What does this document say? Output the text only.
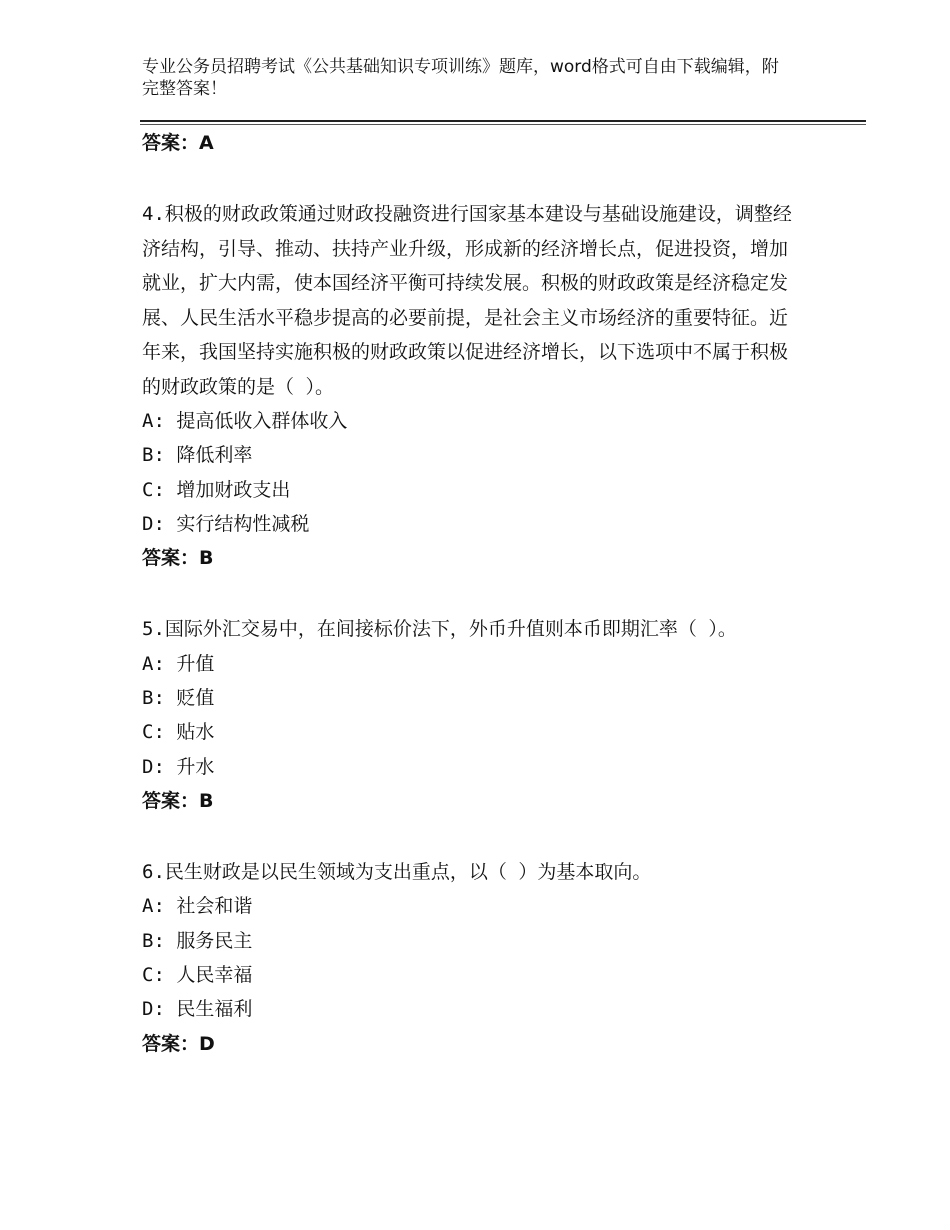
专业公务员招聘考试《公共基础知识专项训练》题库，word格式可自由下载编辑，附完整答案！
答案：A
4.积极的财政政策通过财政投融资进行国家基本建设与基础设施建设，调整经济结构，引导、推动、扶持产业升级，形成新的经济增长点，促进投资，增加就业，扩大内需，使本国经济平衡可持续发展。积极的财政政策是经济稳定发展、人民生活水平稳步提高的必要前提，是社会主义市场经济的重要特征。近年来，我国坚持实施积极的财政政策以促进经济增长，以下选项中不属于积极的财政政策的是（ ）。
A: 提高低收入群体收入
B: 降低利率
C: 增加财政支出
D: 实行结构性减税
答案：B
5.国际外汇交易中，在间接标价法下，外币升值则本币即期汇率（ ）。
A: 升值
B: 贬值
C: 贴水
D: 升水
答案：B
6.民生财政是以民生领域为支出重点，以（ ）为基本取向。
A: 社会和谐
B: 服务民主
C: 人民幸福
D: 民生福利
答案：D
